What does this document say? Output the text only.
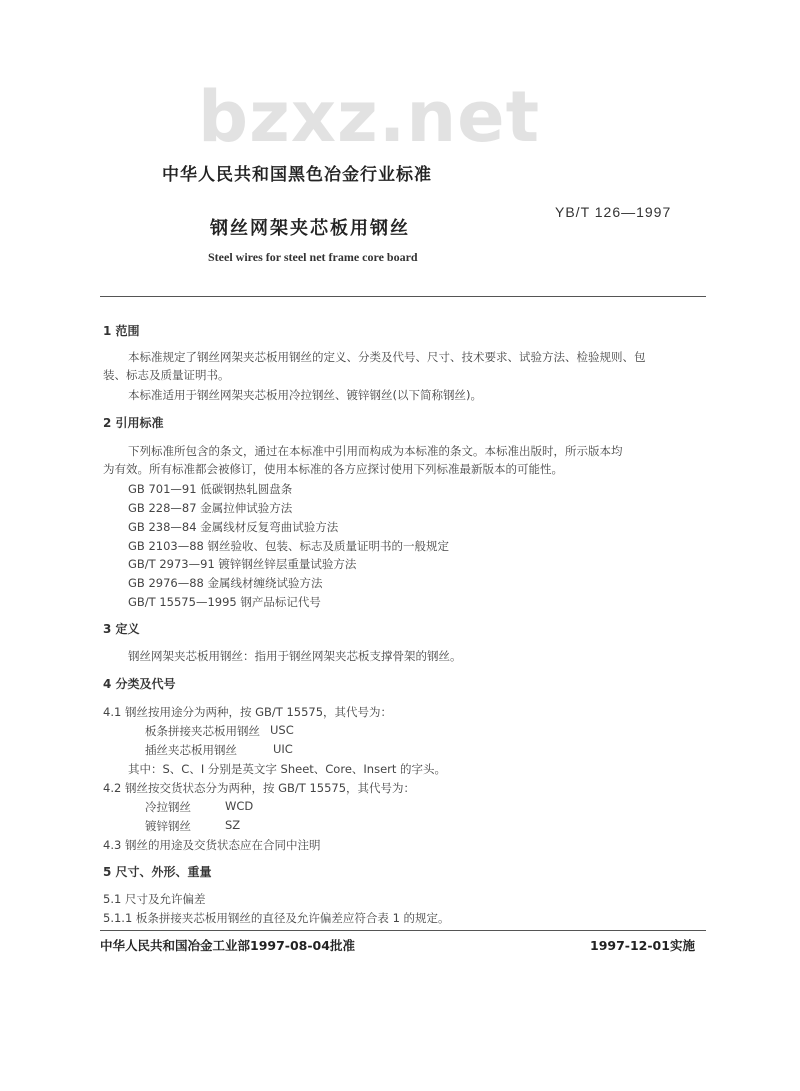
bzxz.net
中华人民共和国黑色冶金行业标准
YB/T 126—1997
钢丝网架夹芯板用钢丝
Steel wires for steel net frame core board
1 范围
本标准规定了钢丝网架夹芯板用钢丝的定义、分类及代号、尺寸、技术要求、试验方法、检验规则、包
装、标志及质量证明书。
本标准适用于钢丝网架夹芯板用冷拉钢丝、镀锌钢丝(以下简称钢丝)。
2 引用标准
下列标准所包含的条文，通过在本标准中引用而构成为本标准的条文。本标准出版时，所示版本均
为有效。所有标准都会被修订，使用本标准的各方应探讨使用下列标准最新版本的可能性。
GB 701—91 低碳钢热轧圆盘条
GB 228—87 金属拉伸试验方法
GB 238—84 金属线材反复弯曲试验方法
GB 2103—88 钢丝验收、包装、标志及质量证明书的一般规定
GB/T 2973—91 镀锌钢丝锌层重量试验方法
GB 2976—88 金属线材缠绕试验方法
GB/T 15575—1995 钢产品标记代号
3 定义
钢丝网架夹芯板用钢丝：指用于钢丝网架夹芯板支撑骨架的钢丝。
4 分类及代号
4.1 钢丝按用途分为两种，按 GB/T 15575，其代号为：
板条拼接夹芯板用钢丝 USC
插丝夹芯板用钢丝	UIC
其中：S、C、I 分别是英文字 Sheet、Core、Insert 的字头。
4.2 钢丝按交货状态分为两种，按 GB/T 15575，其代号为：
冷拉钢丝	WCD
镀锌钢丝	SZ
4.3 钢丝的用途及交货状态应在合同中注明
5 尺寸、外形、重量
5.1 尺寸及允许偏差
5.1.1 板条拼接夹芯板用钢丝的直径及允许偏差应符合表 1 的规定。
中华人民共和国冶金工业部1997-08-04批准	1997-12-01实施
